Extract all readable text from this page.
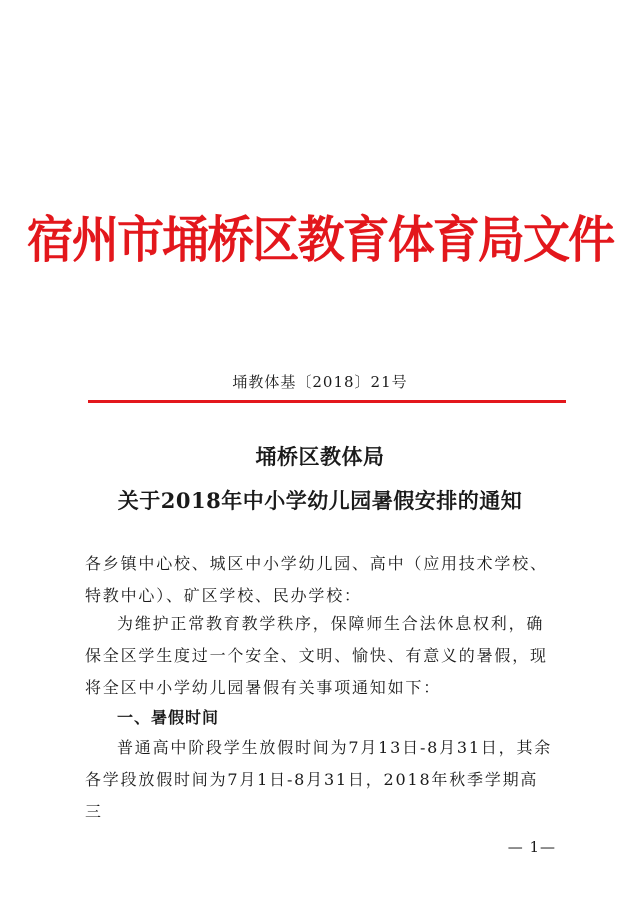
宿州市埇桥区教育体育局文件
埇教体基〔2018〕21号
埇桥区教体局
关于2018年中小学幼儿园暑假安排的通知

各乡镇中心校、城区中小学幼儿园、高中（应用技术学校、特教中心）、矿区学校、民办学校：

为维护正常教育教学秩序，保障师生合法休息权利，确保全区学生度过一个安全、文明、愉快、有意义的暑假，现将全区中小学幼儿园暑假有关事项通知如下：

一、暑假时间

普通高中阶段学生放假时间为7月13日-8月31日，其余各学段放假时间为7月1日-8月31日，2018年秋季学期高三

— 1—
